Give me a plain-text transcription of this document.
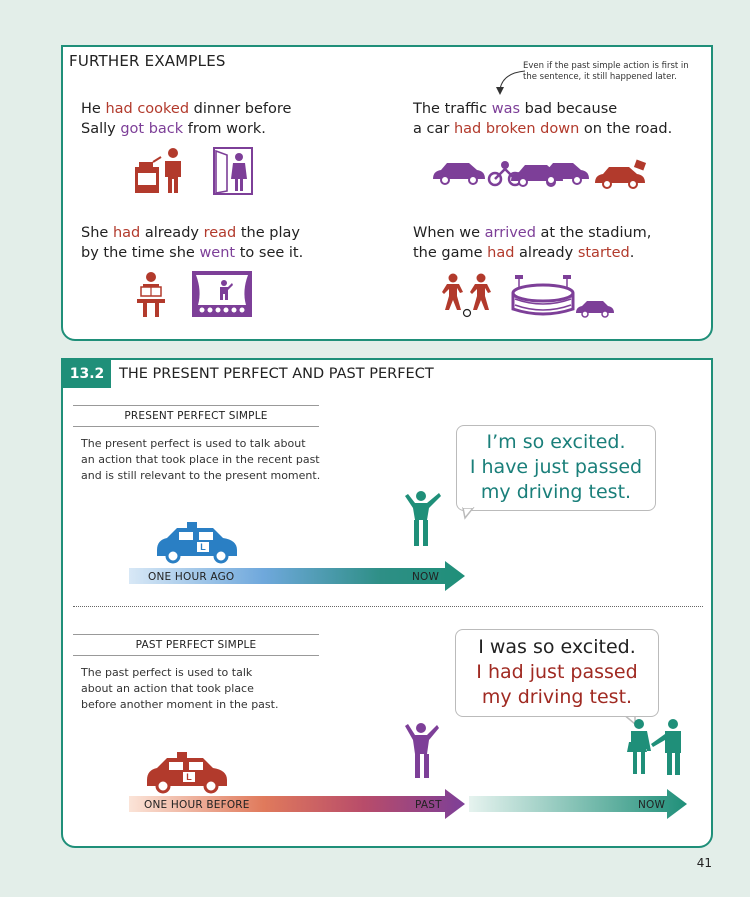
FURTHER EXAMPLES	Even if the past simple action is first in the sentence, it still happened later.
He had cooked dinner before
Sally got back from work.
The traffic was bad because
a car had broken down on the road.
She had already read the play
by the time she went to see it.
When we arrived at the stadium,
the game had already started.
13.2	THE PRESENT PERFECT AND PAST PERFECT
PRESENT PERFECT SIMPLE
The present perfect is used to talk about
an action that took place in the recent past
and is still relevant to the present moment.
I’m so excited.
I have just passed
my driving test.
L
L
ONE HOUR AGO	NOW
PAST PERFECT SIMPLE
The past perfect is used to talk
about an action that took place
before another moment in the past.
I was so excited.
I had just passed
my driving test.
ONE HOUR BEFORE	PAST	NOW
41
